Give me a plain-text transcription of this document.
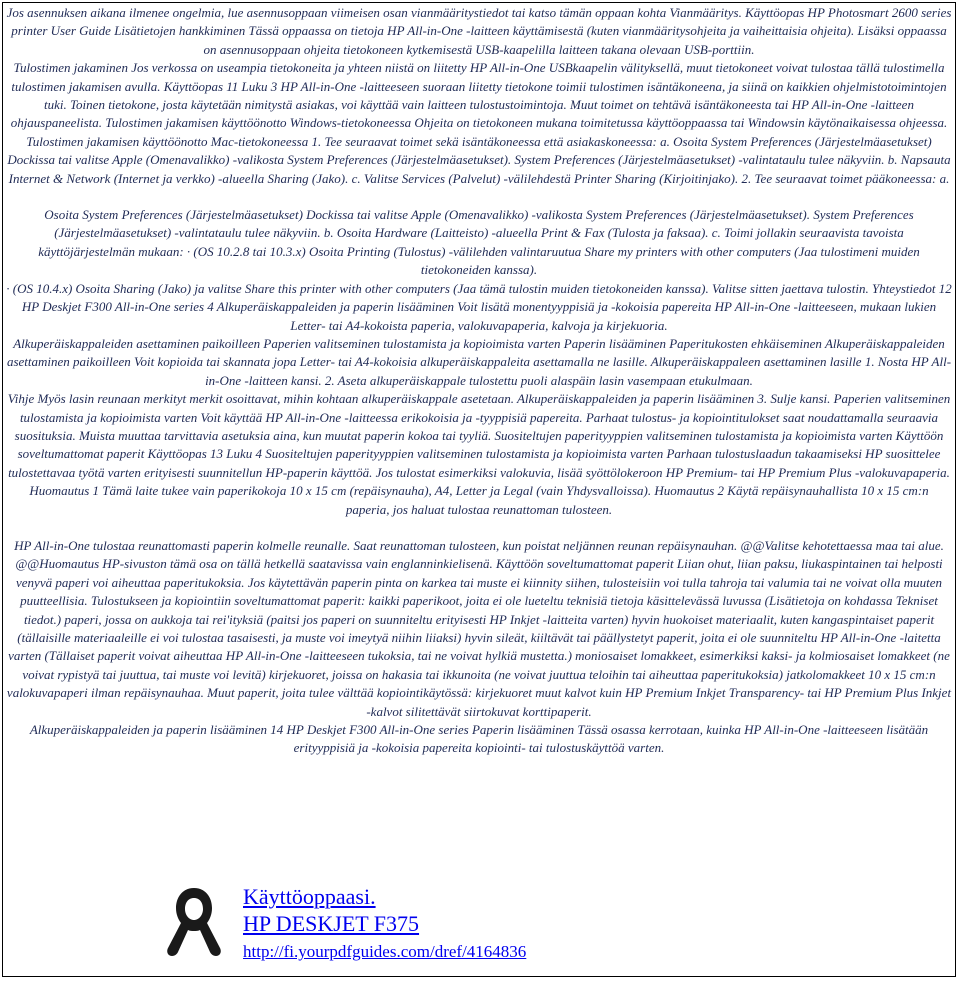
Jos asennuksen aikana ilmenee ongelmia, lue asennusoppaan viimeisen osan vianmääritystiedot tai katso tämän oppaan kohta Vianmääritys. Käyttöopas HP Photosmart 2600 series printer User Guide Lisätietojen hankkiminen Tässä oppaassa on tietoja HP All-in-One -laitteen käyttämisestä (kuten vianmääritysohjeita ja vaiheittaisia ohjeita). Lisäksi oppaassa on asennusoppaan ohjeita tietokoneen kytkemisestä USB-kaapelilla laitteen takana olevaan USB-porttiin.

Tulostimen jakaminen Jos verkossa on useampia tietokoneita ja yhteen niistä on liitetty HP All-in-One USBkaapelin välityksellä, muut tietokoneet voivat tulostaa tällä tulostimella tulostimen jakamisen avulla. Käyttöopas 11 Luku 3 HP All-in-One -laitteeseen suoraan liitetty tietokone toimii tulostimen isäntäkoneena, ja siinä on kaikkien ohjelmistotoimintojen tuki. Toinen tietokone, josta käytetään nimitystä asiakas, voi käyttää vain laitteen tulostustoimintoja. Muut toimet on tehtävä isäntäkoneesta tai HP All-in-One -laitteen ohjauspaneelista. Tulostimen jakamisen käyttöönotto Windows-tietokoneessa Ohjeita on tietokoneen mukana toimitetussa käyttöoppaassa tai Windowsin käytönaikaisessa ohjeessa.

Tulostimen jakamisen käyttöönotto Mac-tietokoneessa 1. Tee seuraavat toimet sekä isäntäkoneessa että asiakaskoneessa: a. Osoita System Preferences (Järjestelmäasetukset) Dockissa tai valitse Apple (Omenavalikko) -valikosta System Preferences (Järjestelmäasetukset). System Preferences (Järjestelmäasetukset) -valintataulu tulee näkyviin. b. Napsauta Internet & Network (Internet ja verkko) -alueella Sharing (Jako). c. Valitse Services (Palvelut) -välilehdestä Printer Sharing (Kirjoitinjako). 2. Tee seuraavat toimet pääkoneessa: a.

Osoita System Preferences (Järjestelmäasetukset) Dockissa tai valitse Apple (Omenavalikko) -valikosta System Preferences (Järjestelmäasetukset). System Preferences (Järjestelmäasetukset) -valintataulu tulee näkyviin. b. Osoita Hardware (Laitteisto) -alueella Print & Fax (Tulosta ja faksaa). c. Toimi jollakin seuraavista tavoista käyttöjärjestelmän mukaan: · (OS 10.2.8 tai 10.3.x) Osoita Printing (Tulostus) -välilehden valintaruutua Share my printers with other computers (Jaa tulostimeni muiden tietokoneiden kanssa).

· (OS 10.4.x) Osoita Sharing (Jako) ja valitse Share this printer with other computers (Jaa tämä tulostin muiden tietokoneiden kanssa). Valitse sitten jaettava tulostin. Yhteystiedot 12 HP Deskjet F300 All-in-One series 4 Alkuperäiskappaleiden ja paperin lisääminen Voit lisätä monentyyppisiä ja -kokoisia papereita HP All-in-One -laitteeseen, mukaan lukien Letter- tai A4-kokoista paperia, valokuvapaperia, kalvoja ja kirjekuoria.

Alkuperäiskappaleiden asettaminen paikoilleen Paperien valitseminen tulostamista ja kopioimista varten Paperin lisääminen Paperitukosten ehkäiseminen Alkuperäiskappaleiden asettaminen paikoilleen Voit kopioida tai skannata jopa Letter- tai A4-kokoisia alkuperäiskappaleita asettamalla ne lasille. Alkuperäiskappaleen asettaminen lasille 1. Nosta HP All-in-One -laitteen kansi. 2. Aseta alkuperäiskappale tulostettu puoli alaspäin lasin vasempaan etukulmaan.

Vihje Myös lasin reunaan merkityt merkit osoittavat, mihin kohtaan alkuperäiskappale asetetaan. Alkuperäiskappaleiden ja paperin lisääminen 3. Sulje kansi. Paperien valitseminen tulostamista ja kopioimista varten Voit käyttää HP All-in-One -laitteessa erikokoisia ja -tyyppisiä papereita. Parhaat tulostus- ja kopiointitulokset saat noudattamalla seuraavia suosituksia. Muista muuttaa tarvittavia asetuksia aina, kun muutat paperin kokoa tai tyyliä. Suositeltujen paperityyppien valitseminen tulostamista ja kopioimista varten Käyttöön soveltumattomat paperit Käyttöopas 13 Luku 4 Suositeltujen paperityyppien valitseminen tulostamista ja kopioimista varten Parhaan tulostuslaadun takaamiseksi HP suosittelee tulostettavaa työtä varten erityisesti suunnitellun HP-paperin käyttöä. Jos tulostat esimerkiksi valokuvia, lisää syöttölokeroon HP Premium- tai HP Premium Plus -valokuvapaperia. Huomautus 1 Tämä laite tukee vain paperikokoja 10 x 15 cm (repäisynauha), A4, Letter ja Legal (vain Yhdysvalloissa). Huomautus 2 Käytä repäisynauhallista 10 x 15 cm:n paperia, jos haluat tulostaa reunattoman tulosteen.

HP All-in-One tulostaa reunattomasti paperin kolmelle reunalle. Saat reunattoman tulosteen, kun poistat neljännen reunan repäisynauhan. @@Valitse kehotettaessa maa tai alue. @@Huomautus HP-sivuston tämä osa on tällä hetkellä saatavissa vain englanninkielisenä. Käyttöön soveltumattomat paperit Liian ohut, liian paksu, liukaspintainen tai helposti venyvä paperi voi aiheuttaa paperitukoksia. Jos käytettävän paperin pinta on karkea tai muste ei kiinnity siihen, tulosteisiin voi tulla tahroja tai valumia tai ne voivat olla muuten puutteellisia. Tulostukseen ja kopiointiin soveltumattomat paperit: kaikki paperikoot, joita ei ole lueteltu teknisiä tietoja käsittelevässä luvussa (Lisätietoja on kohdassa Tekniset tiedot.) paperi, jossa on aukkoja tai rei'ityksiä (paitsi jos paperi on suunniteltu erityisesti HP Inkjet -laitteita varten) hyvin huokoiset materiaalit, kuten kangaspintaiset paperit (tällaisille materiaaleille ei voi tulostaa tasaisesti, ja muste voi imeytyä niihin liiaksi) hyvin sileät, kiiltävät tai päällystetyt paperit, joita ei ole suunniteltu HP All-in-One -laitetta varten (Tällaiset paperit voivat aiheuttaa HP All-in-One -laitteeseen tukoksia, tai ne voivat hylkiä mustetta.) moniosaiset lomakkeet, esimerkiksi kaksi- ja kolmiosaiset lomakkeet (ne voivat rypistyä tai juuttua, tai muste voi levitä) kirjekuoret, joissa on hakasia tai ikkunoita (ne voivat juuttua teloihin tai aiheuttaa paperitukoksia) jatkolomakkeet 10 x 15 cm:n valokuvapaperi ilman repäisynauhaa. Muut paperit, joita tulee välttää kopiointikäytössä: kirjekuoret muut kalvot kuin HP Premium Inkjet Transparency- tai HP Premium Plus Inkjet -kalvot silitettävät siirtokuvat korttipaperit.

Alkuperäiskappaleiden ja paperin lisääminen 14 HP Deskjet F300 All-in-One series Paperin lisääminen Tässä osassa kerrotaan, kuinka HP All-in-One -laitteeseen lisätään erityyppisiä ja -kokoisia papereita kopiointi- tai tulostuskäyttöä varten.

Käyttöoppaasi.
HP DESKJET F375
http://fi.yourpdfguides.com/dref/4164836
